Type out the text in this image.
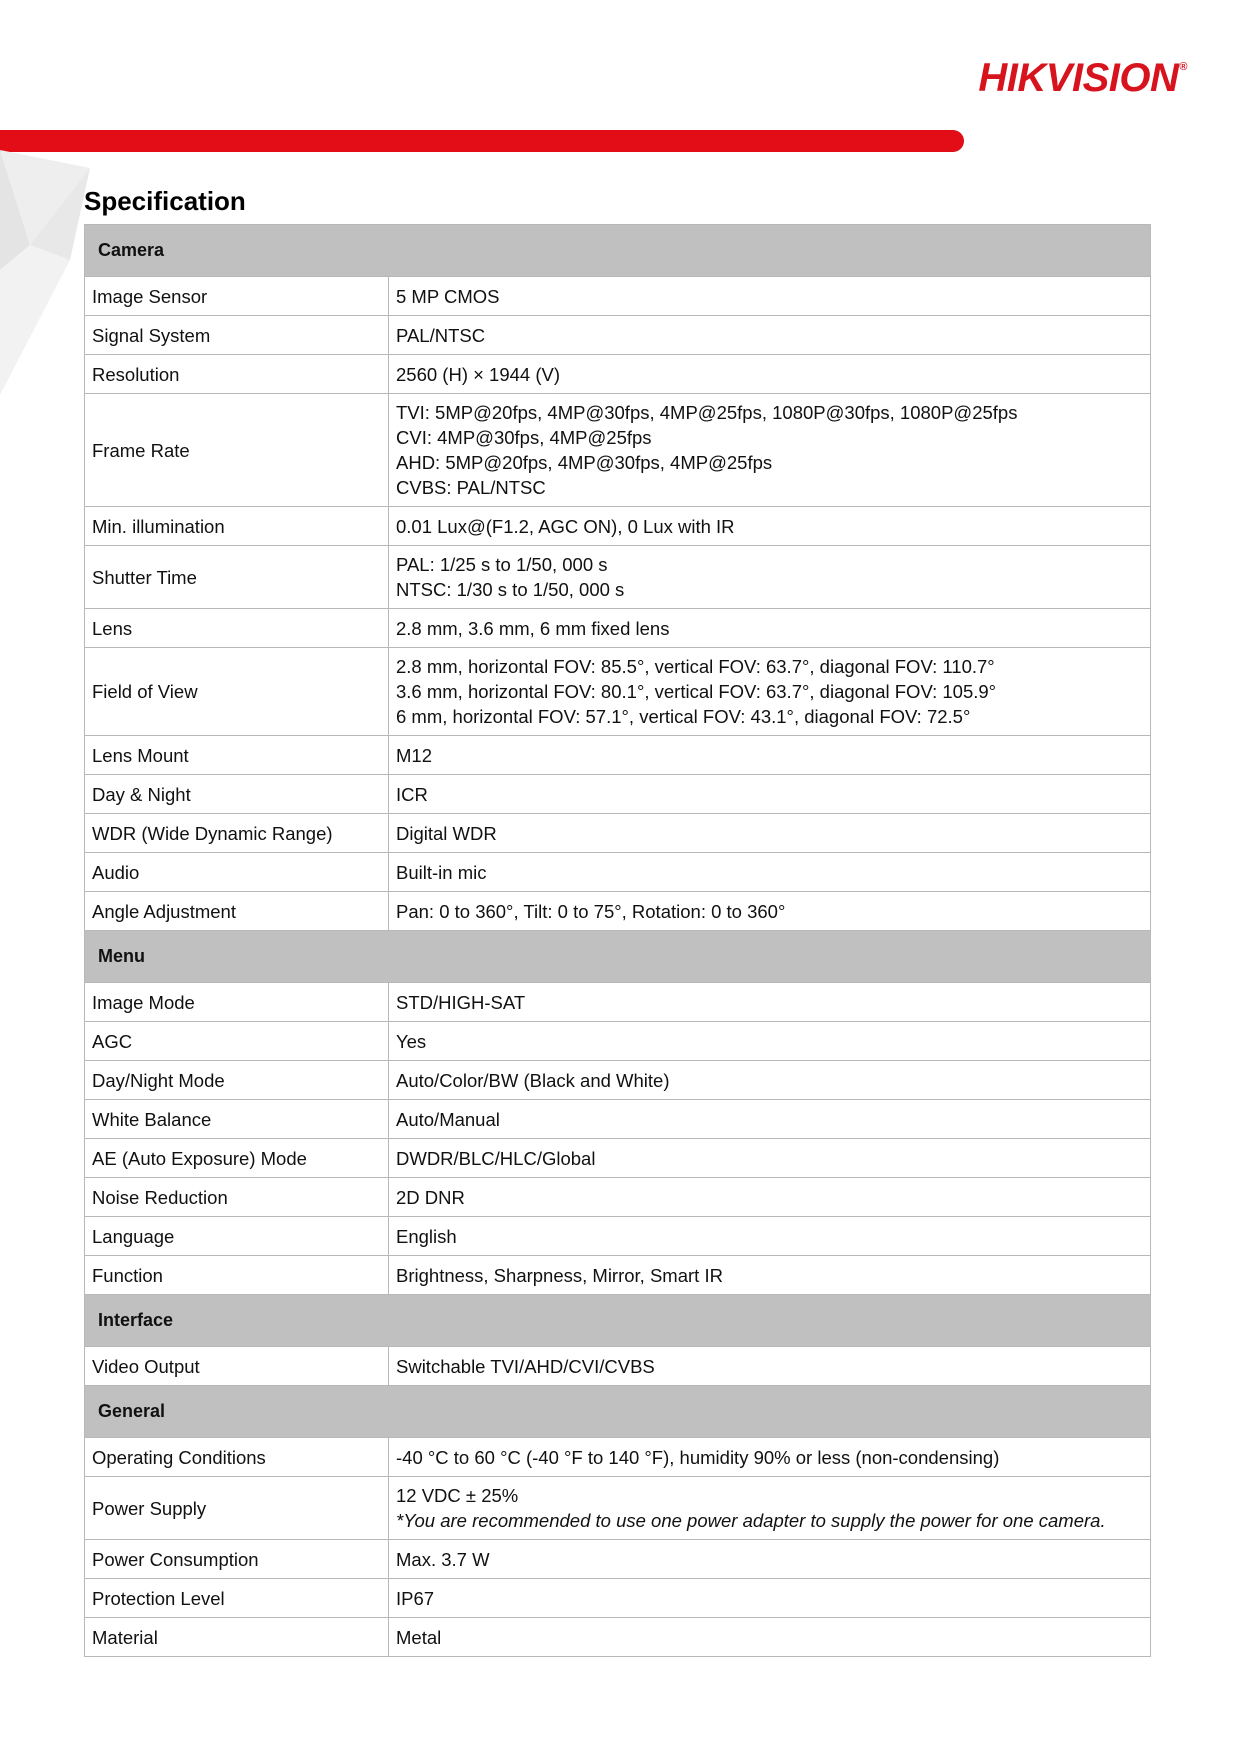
HIKVISION®
Specification
Camera	
Image Sensor	5 MP CMOS

Signal System	PAL/NTSC

Resolution	2560 (H) × 1944 (V)

Frame Rate	TVI: 5MP@20fps, 4MP@30fps, 4MP@25fps, 1080P@30fps, 1080P@25fps
CVI: 4MP@30fps, 4MP@25fps
AHD: 5MP@20fps, 4MP@30fps, 4MP@25fps
CVBS: PAL/NTSC

Min. illumination	0.01 Lux@(F1.2, AGC ON), 0 Lux with IR

Shutter Time	PAL: 1/25 s to 1/50, 000 s
NTSC: 1/30 s to 1/50, 000 s

Lens	2.8 mm, 3.6 mm, 6 mm fixed lens

Field of View	2.8 mm, horizontal FOV: 85.5°, vertical FOV: 63.7°, diagonal FOV: 110.7°
3.6 mm, horizontal FOV: 80.1°, vertical FOV: 63.7°, diagonal FOV: 105.9°
6 mm, horizontal FOV: 57.1°, vertical FOV: 43.1°, diagonal FOV: 72.5°

Lens Mount	M12

Day & Night	ICR

WDR (Wide Dynamic Range)	Digital WDR

Audio	Built-in mic

Angle Adjustment	Pan: 0 to 360°, Tilt: 0 to 75°, Rotation: 0 to 360°

Menu	
Image Mode	STD/HIGH-SAT

AGC	Yes

Day/Night Mode	Auto/Color/BW (Black and White)

White Balance	Auto/Manual

AE (Auto Exposure) Mode	DWDR/BLC/HLC/Global

Noise Reduction	2D DNR

Language	English

Function	Brightness, Sharpness, Mirror, Smart IR

Interface	
Video Output	Switchable TVI/AHD/CVI/CVBS

General	
Operating Conditions	-40 °C to 60 °C (-40 °F to 140 °F), humidity 90% or less (non-condensing)

Power Supply	12 VDC ± 25%
*You are recommended to use one power adapter to supply the power for one camera.

Power Consumption	Max. 3.7 W

Protection Level	IP67

Material	Metal
